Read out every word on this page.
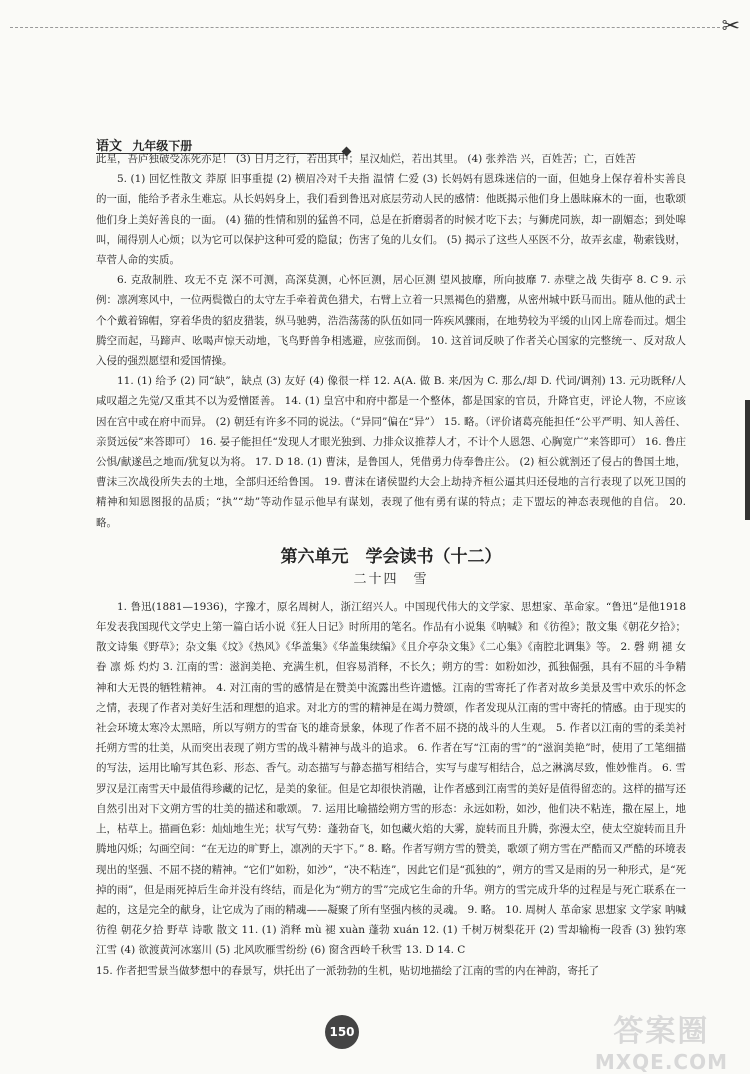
✂
语文 九年级下册

此星，吾庐独破受冻死亦足！ (3) 日月之行，若出其中；星汉灿烂，若出其里。 (4) 张养浩 兴，百姓苦；亡，百姓苦

5. (1) 回忆性散文 莽原 旧事重提 (2) 横眉冷对千夫指 温情 仁爱 (3) 长妈妈有恩珠迷信的一面，但她身上保存着朴实善良的一面，能给予者永生难忘。从长妈妈身上，我们看到鲁迅对底层劳动人民的感情：他既揭示他们身上愚昧麻木的一面，也歌颂他们身上美好善良的一面。 (4) 猫的性情和别的猛兽不同，总是在折磨弱者的时候才吃下去；与狮虎同族，却一副媚态；到处嗥叫，闹得别人心烦；以为它可以保护这种可爱的隐鼠；伤害了兔的儿女们。 (5) 揭示了这些人巫医不分，故弄玄虚，勒索钱财，草菅人命的实质。

6. 克敌制胜、攻无不克 深不可测，高深莫测，心怀叵测，居心叵测 望风披靡，所向披靡 7. 赤壁之战 失街亭 8. C 9. 示例：凛冽寒风中，一位两鬓微白的太守左手牵着黄色猎犬，右臂上立着一只黑褐色的猎鹰，从密州城中跃马而出。随从他的武士个个戴着锦帽，穿着华贵的貂皮猎装，纵马驰骋，浩浩荡荡的队伍如同一阵疾风骤雨，在地势较为平缓的山冈上席卷而过。烟尘腾空而起，马蹄声、吆喝声惊天动地，飞鸟野兽争相逃避，应弦而倒。 10. 这首词反映了作者关心国家的完整统一、反对敌人入侵的强烈愿望和爱国情操。

11. (1) 给予 (2) 同“缺”，缺点 (3) 友好 (4) 像很一样 12. A(A. 做 B. 来/因为 C. 那么/却 D. 代词/调剂) 13. 元功既释/人咸叹超之先觉/又重其不以为爱憎匿善。 14. (1) 皇宫中和府中都是一个整体，都是国家的官员，升降官吏，评论人物，不应该因在宫中或在府中而异。 (2) 朝廷有许多不同的说法。（“异同”偏在“异”） 15. 略。（评价诸葛亮能担任“公平严明、知人善任、亲贤远佞”来答即可） 16. 晏子能担任“发现人才眼光独到、力排众议推荐人才，不计个人恩怨、心胸宽广”来答即可） 16. 鲁庄公惧/献遂邑之地而/犹复以为将。 17. D 18. (1) 曹沫，是鲁国人，凭借勇力侍奉鲁庄公。 (2) 桓公就割还了侵占的鲁国土地，曹沫三次战役所失去的土地，全部归还给鲁国。 19. 曹沫在诸侯盟约大会上劫持齐桓公逼其归还侵地的言行表现了以死卫国的精神和知恩图报的品质；“执”“劫”等动作显示他早有谋划，表现了他有勇有谋的特点；走下盟坛的神态表现他的自信。 20. 略。

第六单元　学会读书（十二）
二十四　雪

1. 鲁迅(1881—1936)，字豫才，原名周树人，浙江绍兴人。中国现代伟大的文学家、思想家、革命家。“鲁迅”是他1918年发表我国现代文学史上第一篇白话小说《狂人日记》时所用的笔名。作品有小说集《呐喊》和《彷徨》；散文集《朝花夕拾》；散文诗集《野草》；杂文集《坟》《热风》《华盖集》《华盖集续编》《且介亭杂文集》《二心集》《南腔北调集》等。 2. 磬 朔 褪 女 眷 凛 烁 灼灼 3. 江南的雪：滋润美艳、充满生机，但容易消释，不长久；朔方的雪：如粉如沙，孤独倔强，具有不屈的斗争精神和大无畏的牺牲精神。 4. 对江南的雪的感情是在赞美中流露出些许遗憾。江南的雪寄托了作者对故乡美景及雪中欢乐的怀念之情，表现了作者对美好生活和理想的追求。对北方的雪的精神是在竭力赞颂，作者发现从江南的雪中寄托的情感。由于现实的社会环境太寒冷太黑暗，所以写朔方的雪奋飞的雄奇景象，体现了作者不屈不挠的战斗的人生观。 5. 作者以江南的雪的柔美衬托朔方雪的壮美，从而突出表现了朔方雪的战斗精神与战斗的追求。 6. 作者在写“江南的雪”的“滋润美艳”时，使用了工笔细描的写法，运用比喻写其色彩、形态、香气。动态描写与静态描写相结合，实写与虚写相结合，总之淋漓尽致，惟妙惟肖。 6. 雪罗汉是江南雪天中最值得珍藏的记忆，是美的象征。但是它却很快消融，让作者感到江南雪的美好是值得留恋的。这样的描写还自然引出对下文朔方雪的壮美的描述和歌颂。 7. 运用比喻描绘朔方雪的形态：永远如粉，如沙，他们决不粘连，撒在屋上，地上，枯草上。描画色彩：灿灿地生光；状写气势：蓬勃奋飞，如包藏火焰的大雾，旋转而且升腾，弥漫太空，使太空旋转而且升腾地闪烁；勾画空间：“在无边的旷野上，凛冽的天宇下。” 8. 略。作者写朔方雪的赞美，歌颂了朔方雪在严酷而又严酷的环境表现出的坚强、不屈不挠的精神。“它们”如粉，如沙”，“决不粘连”，因此它们是“孤独的”，朔方的雪又是雨的另一种形式，是“死掉的雨”，但是雨死掉后生命并没有终结，而是化为“朔方的雪”完成它生命的升华。朔方的雪完成升华的过程是与死亡联系在一起的，这是完全的献身，让它成为了雨的精魂——凝聚了所有坚强内核的灵魂。 9. 略。 10. 周树人 革命家 思想家 文学家 呐喊 彷徨 朝花夕拾 野草 诗歌 散文 11. (1) 消释 mù 褪 xuàn 蓬勃 xuán 12. (1) 千树万树梨花开 (2) 雪却输梅一段香 (3) 独钓寒江雪 (4) 欲渡黄河冰塞川 (5) 北风吹雁雪纷纷 (6) 窗含西岭千秋雪 13. D 14. C

15. 作者把雪景当做梦想中的春景写，烘托出了一派勃勃的生机，贴切地描绘了江南的雪的内在神韵，寄托了

150	答案圈
MXQE.COM
